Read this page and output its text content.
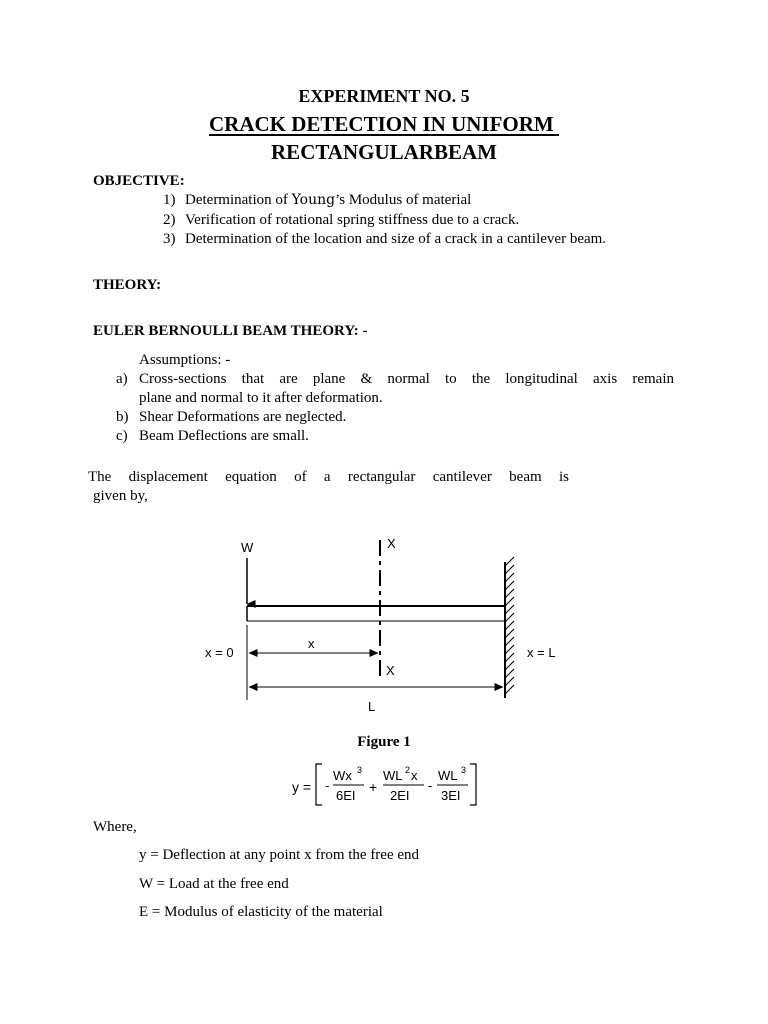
EXPERIMENT NO. 5
CRACK DETECTION IN UNIFORM
RECTANGULARBEAM
OBJECTIVE:
1) Determination of Young’s Modulus of material
2) Verification of rotational spring stiffness due to a crack.
3) Determination of the location and size of a crack in a cantilever beam.
THEORY:
EULER BERNOULLI BEAM THEORY: -
Assumptions: -
a) Cross-sections that are plane & normal to the longitudinal axis remain
plane and normal to it after deformation.
b) Shear Deformations are neglected.
c) Beam Deflections are small.
The displacement equation of a rectangular cantilever beam is
given by,
W	X
X
x
L
x = 0	x = L
Figure 1
y = -
Wx 3
6EI
+
WL 2 x
2EI
-
WL 3
3EI
Where,
y = Deflection at any point x from the free end
W = Load at the free end
E = Modulus of elasticity of the material
